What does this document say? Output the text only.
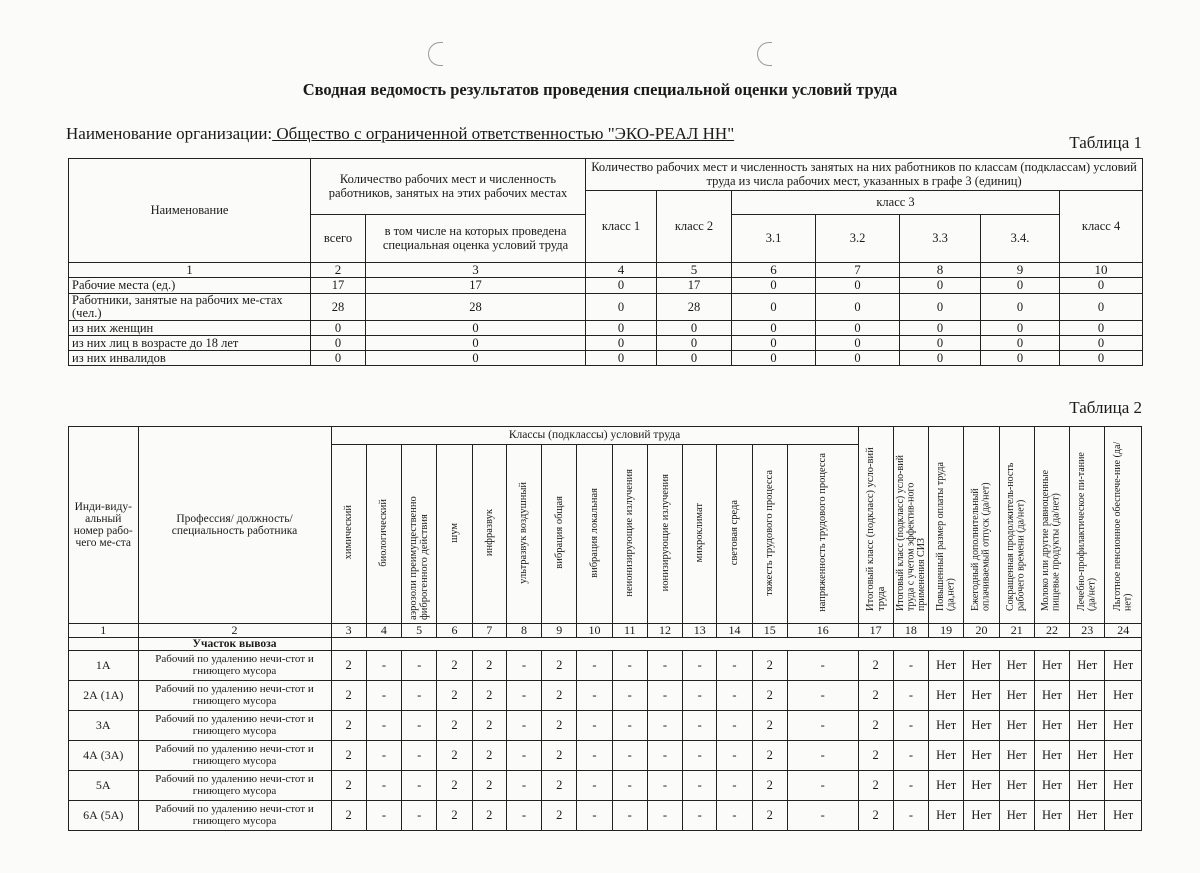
Сводная ведомость результатов проведения специальной оценки условий труда
Наименование организации: Общество с ограниченной ответственностью "ЭКО-РЕАЛ НН"	Таблица 1
Наименование	Количество рабочих мест и численность работников, занятых на этих рабочих местах		Количество рабочих мест и численность занятых на них работников по классам (подклассам) условий труда из числа рабочих мест, указанных в графе 3 (единиц)						
			класс 1	класс 2	класс 3				класс 4
	всего	в том числе на которых проведена специальная оценка условий труда			3.1	3.2	3.3	3.4.	
1	2	3	4	5	6	7	8	9	10
Рабочие места (ед.)	17	17	0	17	0	0	0	0	0
Работники, занятые на рабочих ме-стах (чел.)	28	28	0	28	0	0	0	0	0
из них женщин	0	0	0	0	0	0	0	0	0
из них лиц в возрасте до 18 лет	0	0	0	0	0	0	0	0	0
из них инвалидов	0	0	0	0	0	0	0	0	0
Таблица 2
Инди-виду-альный номер рабо-чего ме-ста	Профессия/ должность/ специальность работника	Классы (подклассы) условий труда														Итоговый класс (подкласс) усло-вий труда	Итоговый класс (подкласс) усло-вий труда с учетом эффектив-ного применения СИЗ	Повышенный размер оплаты труда (да,нет)	Ежегодный дополнительный оплачиваемый отпуск (да/нет)	Сокращенная продолжитель-ность рабочего времени (да/нет)	Молоко или другие равноценные пищевые продукты (да/нет)	Лечебно-профилактическое пи-тание (да/нет)	Льготное пенсионное обеспече-ние (да/нет)
		химический	биологический	аэрозоли преимущественно фиброгенного действия	шум	инфразвук	ультразвук воздушный	вибрация общая	вибрация локальная	неионизирующие излучения	ионизирующие излучения	микроклимат	световая среда	тяжесть трудового процесса	напряженность трудового процесса								
1	2	3	4	5	6	7	8	9	10	11	12	13	14	15	16	17	18	19	20	21	22	23	24
	Участок вывоза																						
1А	Рабочий по удалению нечи-стот и гниющего мусора	2	-	-	2	2	-	2	-	-	-	-	-	2	-	2	-	Нет	Нет	Нет	Нет	Нет	Нет
2А (1А)	Рабочий по удалению нечи-стот и гниющего мусора	2	-	-	2	2	-	2	-	-	-	-	-	2	-	2	-	Нет	Нет	Нет	Нет	Нет	Нет
3А	Рабочий по удалению нечи-стот и гниющего мусора	2	-	-	2	2	-	2	-	-	-	-	-	2	-	2	-	Нет	Нет	Нет	Нет	Нет	Нет
4А (3А)	Рабочий по удалению нечи-стот и гниющего мусора	2	-	-	2	2	-	2	-	-	-	-	-	2	-	2	-	Нет	Нет	Нет	Нет	Нет	Нет
5А	Рабочий по удалению нечи-стот и гниющего мусора	2	-	-	2	2	-	2	-	-	-	-	-	2	-	2	-	Нет	Нет	Нет	Нет	Нет	Нет
6А (5А)	Рабочий по удалению нечи-стот и гниющего мусора	2	-	-	2	2	-	2	-	-	-	-	-	2	-	2	-	Нет	Нет	Нет	Нет	Нет	Нет
